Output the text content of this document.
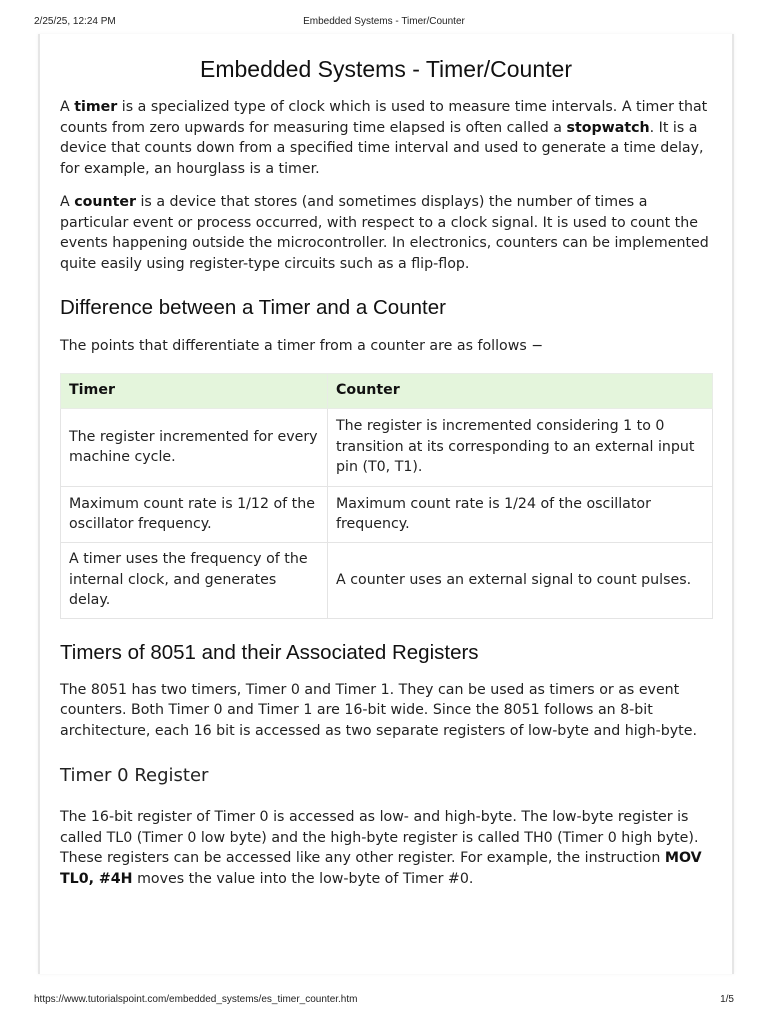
2/25/25, 12:24 PM	Embedded Systems - Timer/Counter
Embedded Systems - Timer/Counter

A timer is a specialized type of clock which is used to measure time intervals. A timer that counts from zero upwards for measuring time elapsed is often called a stopwatch. It is a device that counts down from a specified time interval and used to generate a time delay, for example, an hourglass is a timer.

A counter is a device that stores (and sometimes displays) the number of times a particular event or process occurred, with respect to a clock signal. It is used to count the events happening outside the microcontroller. In electronics, counters can be implemented quite easily using register-type circuits such as a flip-flop.

Difference between a Timer and a Counter

The points that differentiate a timer from a counter are as follows −

Timer	Counter
The register incremented for every machine cycle.	The register is incremented considering 1 to 0 transition at its corresponding to an external input pin (T0, T1).
Maximum count rate is 1/12 of the oscillator frequency.	Maximum count rate is 1/24 of the oscillator frequency.
A timer uses the frequency of the internal clock, and generates delay.	A counter uses an external signal to count pulses.
Timers of 8051 and their Associated Registers

The 8051 has two timers, Timer 0 and Timer 1. They can be used as timers or as event counters. Both Timer 0 and Timer 1 are 16-bit wide. Since the 8051 follows an 8-bit architecture, each 16 bit is accessed as two separate registers of low-byte and high-byte.

Timer 0 Register

The 16-bit register of Timer 0 is accessed as low- and high-byte. The low-byte register is called TL0 (Timer 0 low byte) and the high-byte register is called TH0 (Timer 0 high byte). These registers can be accessed like any other register. For example, the instruction MOV TL0, #4H moves the value into the low-byte of Timer #0.

https://www.tutorialspoint.com/embedded_systems/es_timer_counter.htm	1/5
